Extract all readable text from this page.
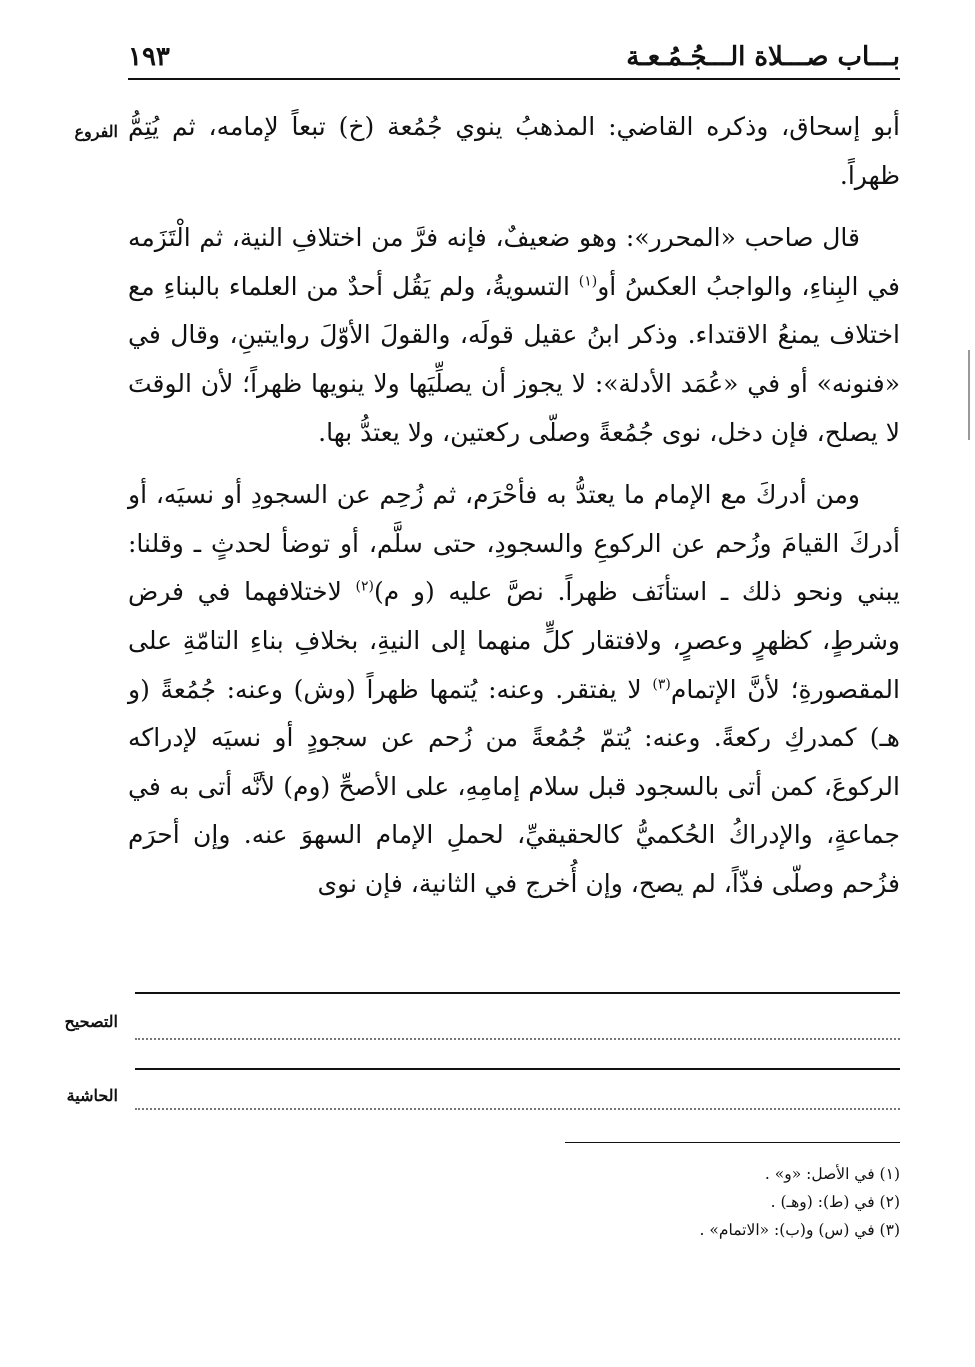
بـــاب صـــلاة الـــجُـمُـعـة
١٩٣
الفروع أبو إسحاق، وذكره القاضي: المذهبُ ينوي جُمُعة (خ) تبعاً لإمامه، ثم يُتِمُّ ظهراً.

قال صاحب «المحرر»: وهو ضعيفٌ، فإنه فرَّ من اختلافِ النية، ثم الْتَزَمه في البِناءِ، والواجبُ العكسُ أو$^{(١)}$ التسويةُ، ولم يَقُل أحدٌ من العلماء بالبناءِ مع اختلاف يمنعُ الاقتداء. وذكر ابنُ عقيل قولَه، والقولَ الأوّلَ روايتينِ، وقال في «فنونه» أو في «عُمَد الأدلة»: لا يجوز أن يصلِّيَها ولا ينويها ظهراً؛ لأن الوقتَ لا يصلح، فإن دخل، نوى جُمُعةً وصلّى ركعتين، ولا يعتدُّ بها.

ومن أدركَ مع الإمام ما يعتدُّ به فأحْرَم، ثم زُحِم عن السجودِ أو نسيَه، أو أدركَ القيامَ وزُحم عن الركوعِ والسجودِ، حتى سلَّم، أو توضأ لحدثٍ ـ وقلنا: يبني ونحو ذلك ـ استأنَف ظهراً. نصَّ عليه (و م)$^{(٢)}$ لاختلافهما في فرض وشرطٍ، كظهرٍ وعصرٍ، ولافتقار كلٍّ منهما إلى النيةِ، بخلافِ بناءِ التامّةِ على المقصورةِ؛ لأنَّ الإتمام$^{(٣)}$ لا يفتقر. وعنه: يُتمها ظهراً (وش) وعنه: جُمُعةً (و هـ) كمدركِ ركعةً. وعنه: يُتمّ جُمُعةً من زُحم عن سجودٍ أو نسيَه لإدراكه الركوعَ، كمن أتى بالسجود قبل سلام إمامِهِ، على الأصحِّ (وم) لأنَّه أتى به في جماعةٍ، والإدراكُ الحُكميُّ كالحقيقيِّ، لحملِ الإمام السهوَ عنه. وإن أحرَم فزُحم وصلّى فذّاً، لم يصح، وإن أُخرج في الثانية، فإن نوى

التصحيح
الحاشية
(١) في الأصل: «و» .
(٢) في (ط): (وهـ) .
(٣) في (س) و(ب): «الاتمام» .
